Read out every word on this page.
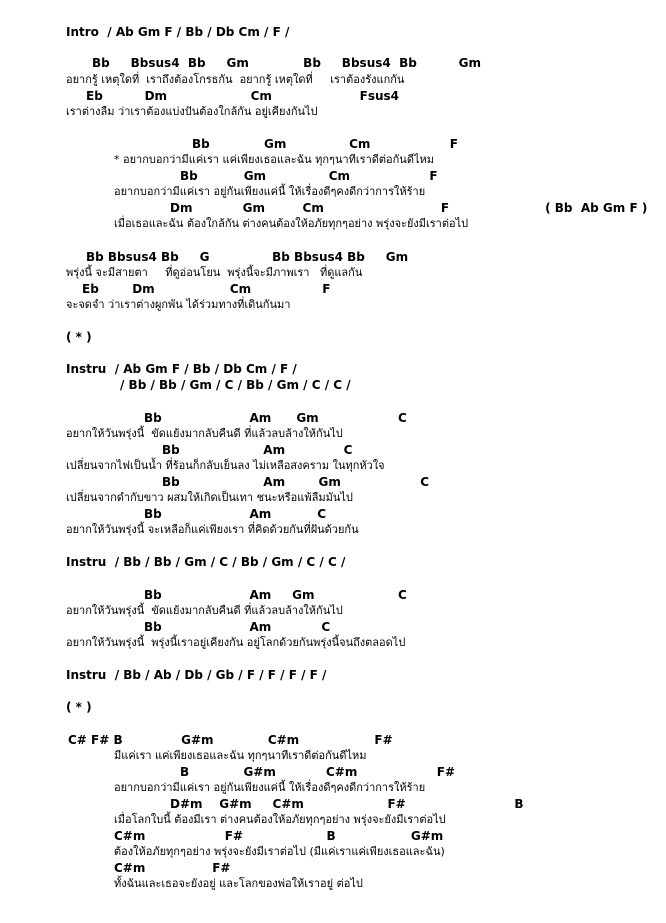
Intro  / Ab Gm F / Bb / Db Cm / F /
Bb     Bbsus4  Bb     Gm             Bb     Bbsus4  Bb          Gm
อยากรู้ เหตุใดที่  เราถึงต้องโกรธกัน  อยากรู้ เหตุใดที่     เราต้องรังแกกัน
Eb          Dm                    Cm                     Fsus4
เราต่างลืม ว่าเราต้องแบ่งปันต้องใกล้กัน อยู่เคียงกันไป
Bb             Gm               Cm                   F
* อยากบอกว่ามีแค่เรา แค่เพียงเธอและฉัน ทุกๆนาทีเราดีต่อกันดีไหม
Bb           Gm               Cm                   F
อยากบอกว่ามีแค่เรา อยู่กันเพียงแค่นี้ ให้เรื่องดีๆคงดีกว่าการให้ร้าย
Dm            Gm         Cm                            F                       ( Bb  Ab Gm F )
เมื่อเธอและฉัน ต้องใกล้กัน ต่างคนต้องให้อภัยทุกๆอย่าง พรุ่งจะยังมีเราต่อไป
Bb Bbsus4 Bb     G               Bb Bbsus4 Bb     Gm
พรุ่งนี้ จะมีสายตา     ที่ดูอ่อนโยน  พรุ่งนี้จะมีภาพเรา   ที่ดูแลกัน
Eb        Dm                  Cm                 F
จะจดจำ ว่าเราต่างผูกพัน ได้ร่วมทางที่เดินกันมา
( * )
Instru  / Ab Gm F / Bb / Db Cm / F /
/ Bb / Bb / Gm / C / Bb / Gm / C / C /
Bb                     Am      Gm                   C
อยากให้วันพรุ่งนี้  ขัดแย้งมากลับคืนดี ที่แล้วลบล้างให้กันไป
Bb                    Am              C
เปลี่ยนจากไฟเป็นน้ำ ที่ร้อนก็กลับเย็นลง ไม่เหลือสงคราม ในทุกหัวใจ
Bb                    Am        Gm                   C
เปลี่ยนจากดำกับขาว ผสมให้เกิดเป็นเทา ชนะหรือแพ้ลืมมันไป
Bb                     Am           C
อยากให้วันพรุ่งนี้ จะเหลือก็แค่เพียงเรา ที่คิดด้วยกันที่ฝันด้วยกัน
Instru  / Bb / Bb / Gm / C / Bb / Gm / C / C /
Bb                     Am     Gm                    C
อยากให้วันพรุ่งนี้  ขัดแย้งมากลับคืนดี ที่แล้วลบล้างให้กันไป
Bb                     Am            C
อยากให้วันพรุ่งนี้  พรุ่งนี้เราอยู่เคียงกัน อยู่โลกด้วยกันพรุ่งนี้จนถึงตลอดไป
Instru  / Bb / Ab / Db / Gb / F / F / F / F /
( * )
C# F# B              G#m             C#m                  F#
มีแค่เรา แค่เพียงเธอและฉัน ทุกๆนาทีเราดีต่อกันดีไหม
B             G#m            C#m                   F#
อยากบอกว่ามีแค่เรา อยู่กันเพียงแค่นี้ ให้เรื่องดีๆคงดีกว่าการให้ร้าย
D#m    G#m     C#m                    F#                          B
เมื่อโลกใบนี้ ต้องมีเรา ต่างคนต้องให้อภัยทุกๆอย่าง พรุ่งจะยังมีเราต่อไป
C#m                   F#                    B                  G#m
ต้องให้อภัยทุกๆอย่าง พรุ่งจะยังมีเราต่อไป (มีแค่เราแค่เพียงเธอและฉัน)
C#m                F#
ทั้งฉันและเธอจะยังอยู่ และโลกของพ่อให้เราอยู่ ต่อไป
